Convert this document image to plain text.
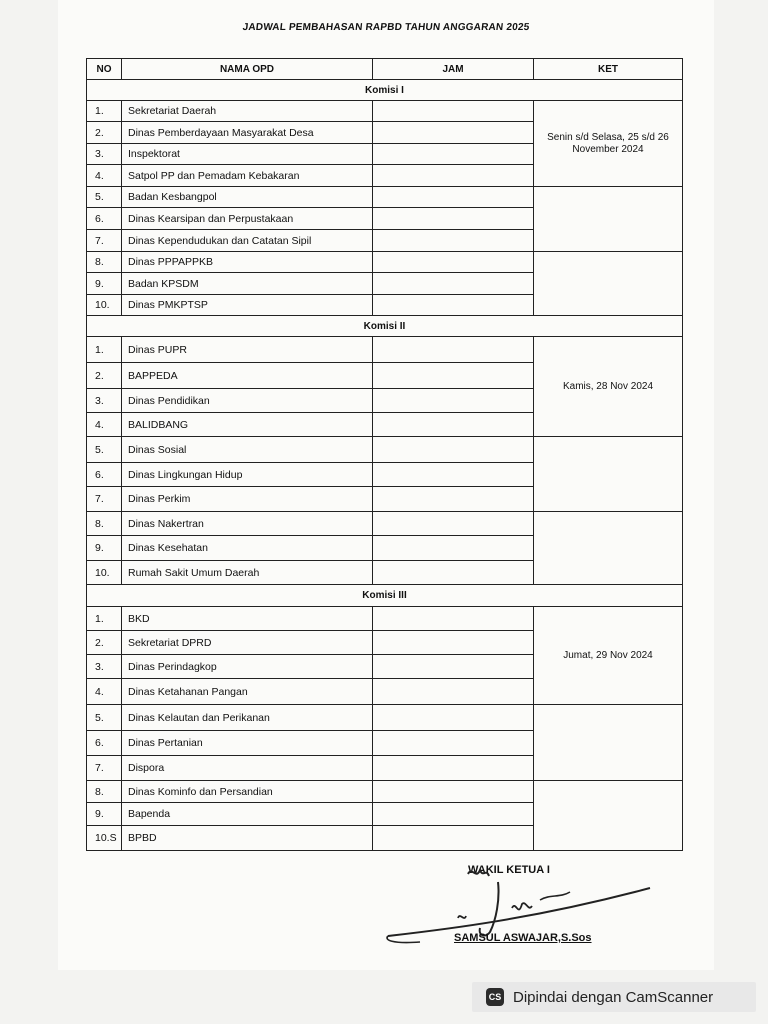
JADWAL PEMBAHASAN RAPBD TAHUN ANGGARAN 2025
NO	NAMA OPD	JAM	KET
Komisi I			
1.	Sekretariat Daerah		Senin s/d Selasa, 25 s/d 26 November 2024
2.	Dinas Pemberdayaan Masyarakat Desa		
3.	Inspektorat		
4.	Satpol PP dan Pemadam Kebakaran		
5.	Badan Kesbangpol		
6.	Dinas Kearsipan dan Perpustakaan		
7.	Dinas Kependudukan dan Catatan Sipil		
8.	Dinas PPPAPPKB		
9.	Badan KPSDM		
10.	Dinas PMKPTSP		
Komisi II			
1.	Dinas PUPR		Kamis, 28 Nov 2024
2.	BAPPEDA		
3.	Dinas Pendidikan		
4.	BALIDBANG		
5.	Dinas Sosial		
6.	Dinas Lingkungan Hidup		
7.	Dinas Perkim		
8.	Dinas Nakertran		
9.	Dinas Kesehatan		
10.	Rumah Sakit Umum Daerah		
Komisi III			
1.	BKD		Jumat, 29 Nov 2024
2.	Sekretariat DPRD		
3.	Dinas Perindagkop		
4.	Dinas Ketahanan Pangan		
5.	Dinas Kelautan dan Perikanan		
6.	Dinas Pertanian		
7.	Dispora		
8.	Dinas Kominfo dan Persandian		
9.	Bapenda		
10.S	BPBD		
WAKIL KETUA I
SAMSUL ASWAJAR,S.Sos
CS Dipindai dengan CamScanner
